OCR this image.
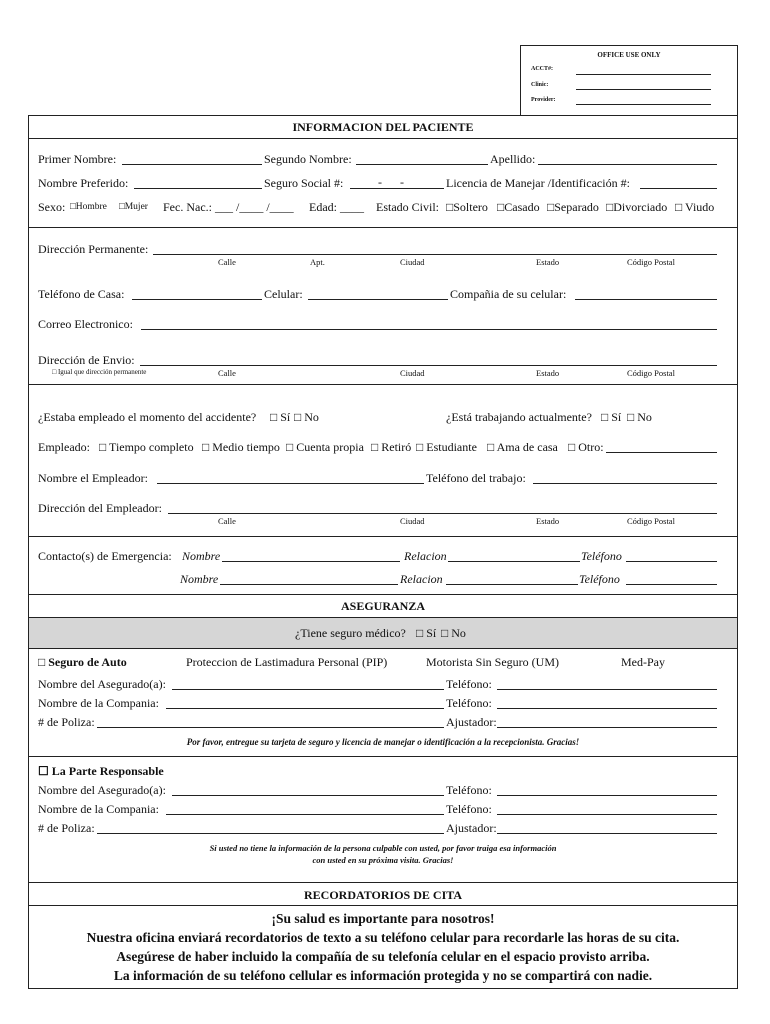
OFFICE USE ONLY
ACCT#:
Clinic:
Provider:
INFORMACION DEL PACIENTE
Primer Nombre:	Segundo Nombre:	Apellido:
Nombre Preferido:	Seguro Social #:	- -	Licencia de Manejar /Identificación #:
Sexo: □Hombre □Mujer Fec. Nac.: ___ /____ /____ Edad: ____ Estado Civil: □Soltero □Casado □Separado □Divorciado □ Viudo
Dirección Permanente:
Calle	Apt.	Ciudad	Estado	Código Postal
Teléfono de Casa:	Celular:	Compañia de su celular:
Correo Electronico:
Dirección de Envio:
□ Igual que dirección permanente	Calle	Ciudad	Estado	Código Postal
¿Estaba empleado el momento del accidente? □ Sí □ No	¿Está trabajando actualmente? □ Sí □ No
Empleado: □ Tiempo completo □ Medio tiempo □ Cuenta propia □ Retiró □ Estudiante □ Ama de casa □ Otro:
Nombre el Empleador:	Teléfono del trabajo:
Dirección del Empleador:
Calle	Ciudad	Estado	Código Postal
Contacto(s) de Emergencia: Nombre	Relacion	Teléfono
Nombre	Relacion	Teléfono
ASEGURANZA
¿Tiene seguro médico? □ Sí □ No
□ Seguro de Auto	Proteccion de Lastimadura Personal (PIP)	Motorista Sin Seguro (UM)	Med-Pay
Nombre del Asegurado(a):	Teléfono:
Nombre de la Compania:	Teléfono:
# de Poliza:	Ajustador:
Por favor, entregue su tarjeta de seguro y licencia de manejar o identificación a la recepcionista. Gracias!
☐ La Parte Responsable
Nombre del Asegurado(a):	Teléfono:
Nombre de la Compania:	Teléfono:
# de Poliza:	Ajustador:
Si usted no tiene la información de la persona culpable con usted, por favor traiga esa información
con usted en su próxima visita. Gracias!
RECORDATORIOS DE CITA
¡Su salud es importante para nosotros!
Nuestra oficina enviará recordatorios de texto a su teléfono celular para recordarle las horas de su cita.
Asegúrese de haber incluido la compañía de su telefonía celular en el espacio provisto arriba.
La información de su teléfono cellular es información protegida y no se compartirá con nadie.
